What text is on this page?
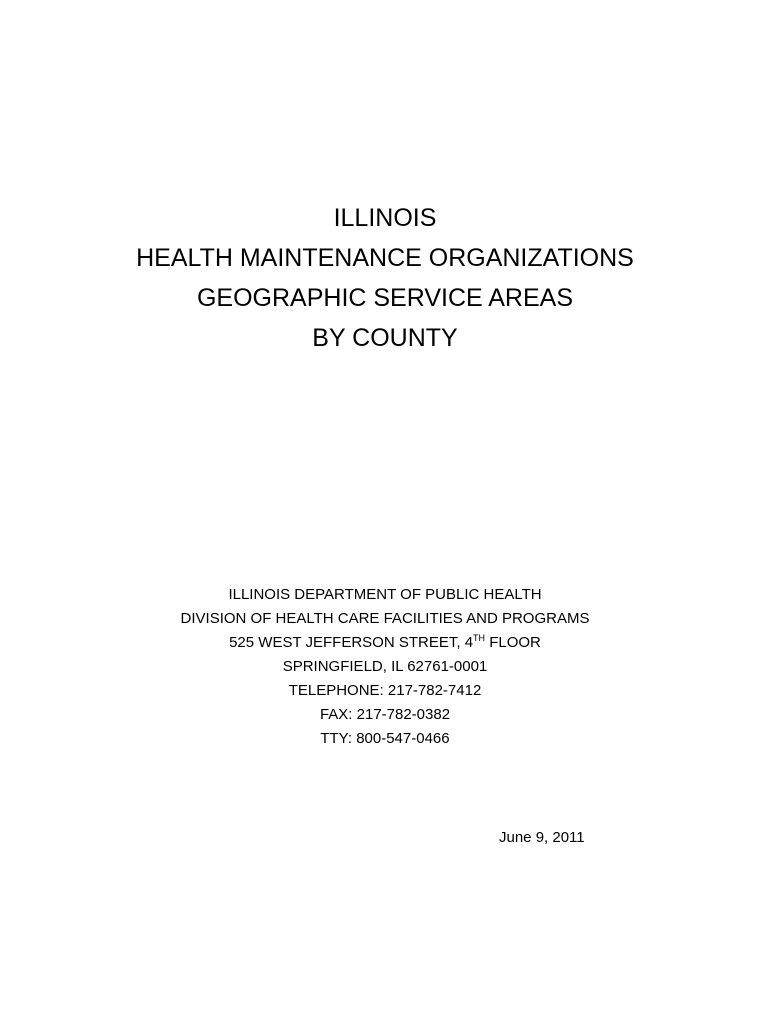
ILLINOIS
HEALTH MAINTENANCE ORGANIZATIONS
GEOGRAPHIC SERVICE AREAS
BY COUNTY
ILLINOIS DEPARTMENT OF PUBLIC HEALTH
DIVISION OF HEALTH CARE FACILITIES AND PROGRAMS
525 WEST JEFFERSON STREET, 4TH FLOOR
SPRINGFIELD, IL 62761-0001
TELEPHONE: 217-782-7412
FAX: 217-782-0382
TTY: 800-547-0466
June 9, 2011
